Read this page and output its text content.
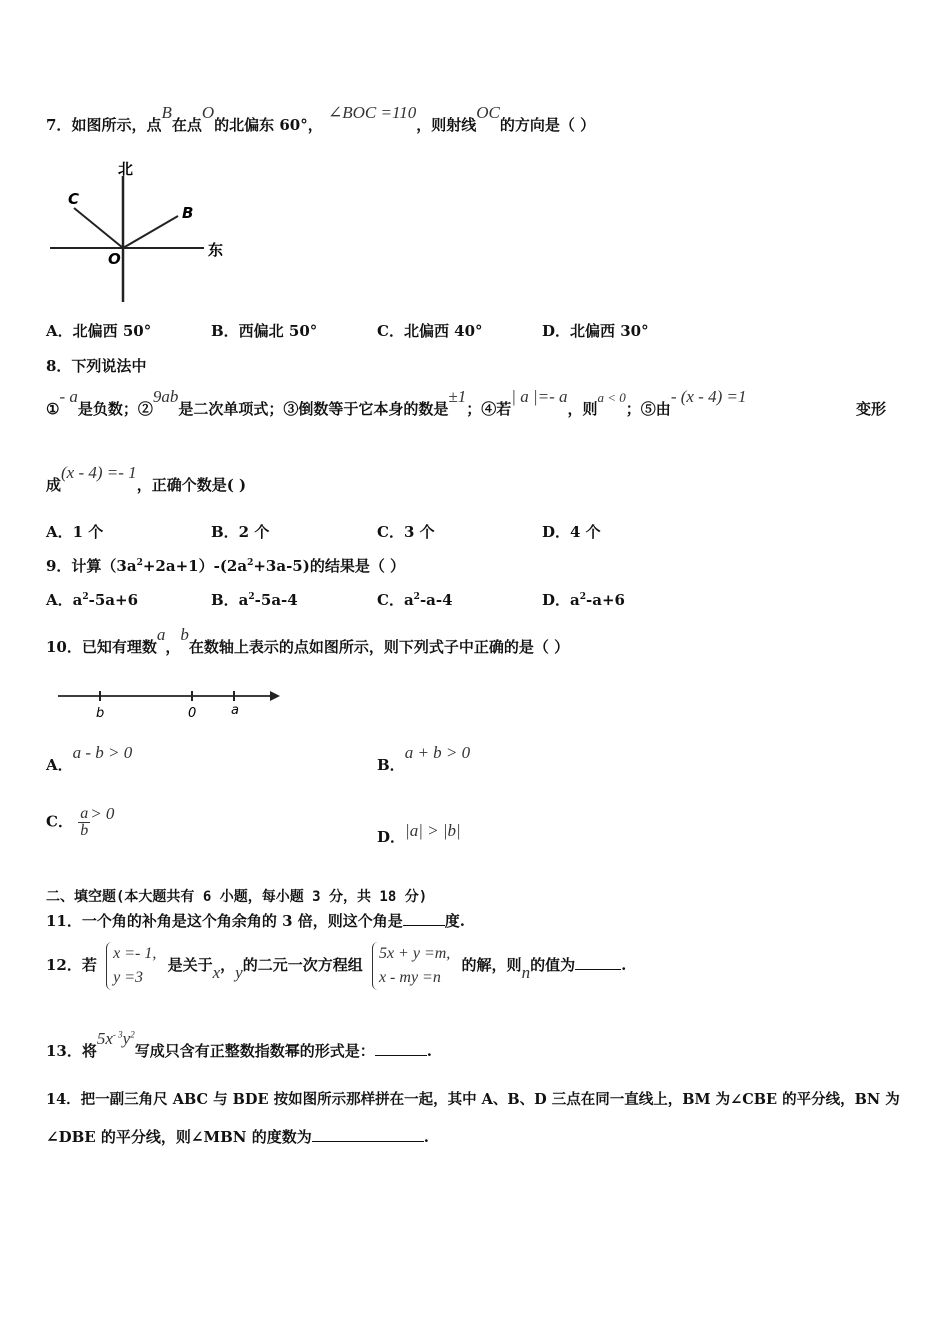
7．如图所示，点B在点O的北偏东 60°， ∠BOC =110，则射线OC的方向是（ ）
北
东
C
B
O
A．北偏西 50°	B．西偏北 50°	C．北偏西 40°	D．北偏西 30°
8．下列说法中
①- a是负数；②9ab是二次单项式；③倒数等于它本身的数是±1；④若| a |=- a，则a < 0；⑤由- (x - 4) =1
变形
成(x - 4) =- 1，正确个数是( )
A．1 个	B．2 个	C．3 个	D．4 个
9．计算$(3a^2+2a+1)-(2a^2+3a-5)$的结果是（ ）
A．$a^2-5a+6$	B．$a^2-5a-4$	C．$a^2-a-4$	D．$a^2-a+6$
10．已知有理数a，b在数轴上表示的点如图所示，则下列式子中正确的是（ ）
b	0	a
A．a - b > 0
B．a + b > 0
C． $\frac{a}{b} > 0$
D．|a| > |b|
二、填空题(本大题共有 6 小题，每小题 3 分，共 18 分)
11．一个角的补角是这个角余角的 3 倍，则这个角是	度.
12．若
x =- 1,
y =3
是关于x，y的二元一次方程组
5x + y =m,
x - my =n
的解，则n的值为	.
13．将$5x^{- 3}y^2$写成只含有正整数指数幂的形式是：	.
14．把一副三角尺 ABC 与 BDE 按如图所示那样拼在一起，其中 A、B、D 三点在同一直线上，BM 为∠CBE 的平分线，BN 为
∠DBE 的平分线，则∠MBN 的度数为	.
